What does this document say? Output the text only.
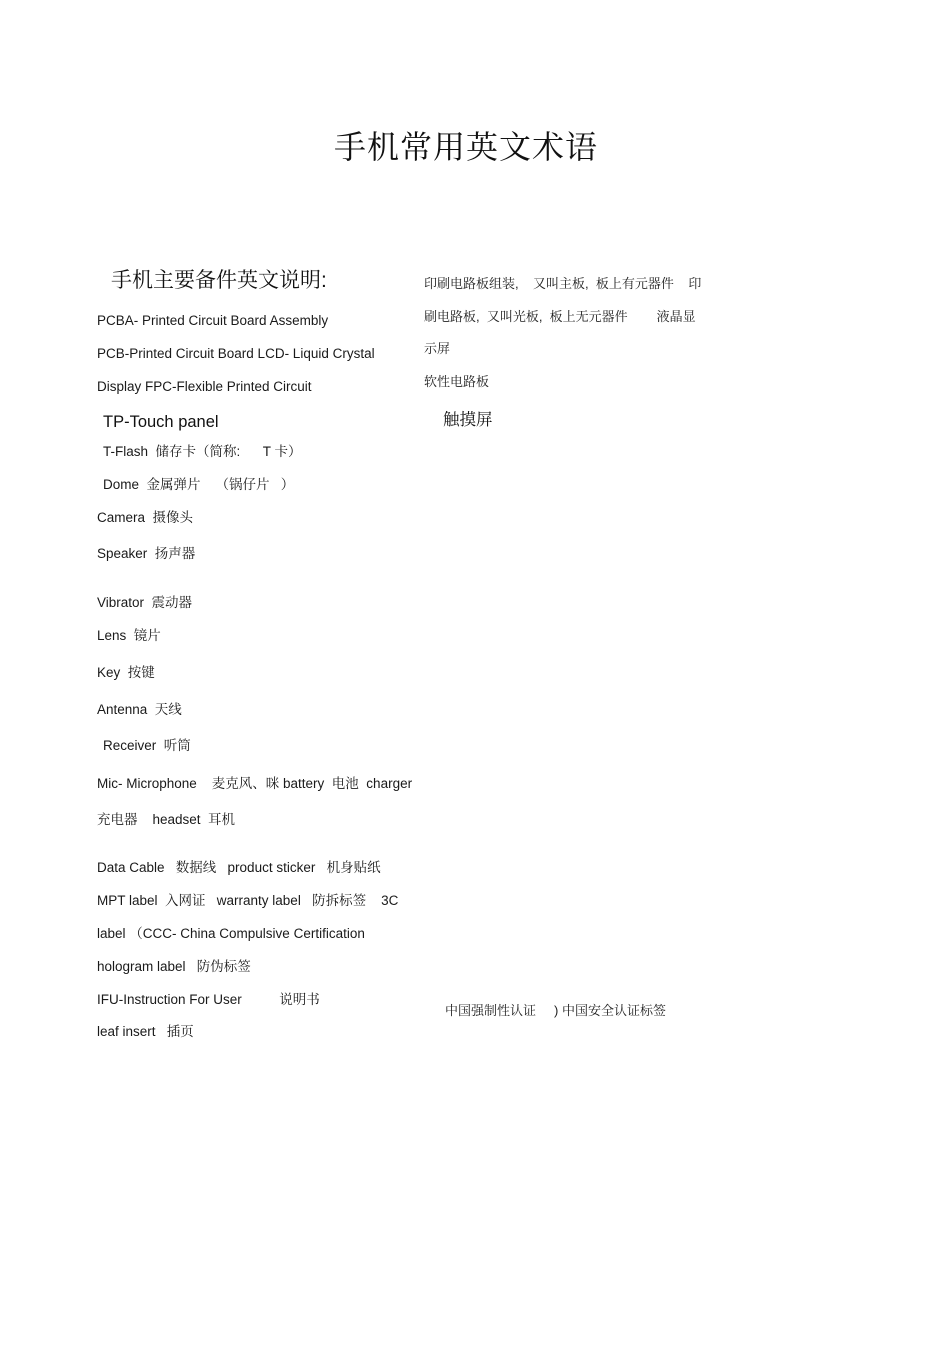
手机常用英文术语
手机主要备件英文说明:
PCBA- Printed Circuit Board Assembly
PCB-Printed Circuit Board LCD- Liquid Crystal
Display FPC-Flexible Printed Circuit
TP-Touch panel
T-Flash  储存卡（简称:      T 卡）
Dome  金属弹片    （锅仔片   ）
Camera  摄像头
Speaker  扬声器
Vibrator  震动器
Lens  镜片
Key  按键
Antenna  天线
Receiver  听筒
Mic- Microphone    麦克风、咪 battery  电池  charger
充电器    headset  耳机
Data Cable   数据线   product sticker   机身贴纸
MPT label  入网证   warranty label   防拆标签    3C
label （CCC- China Compulsive Certification
hologram label   防伪标签
IFU-Instruction For User          说明书
leaf insert   插页
印刷电路板组装,    又叫主板,  板上有元器件    印
刷电路板,  又叫光板,  板上无元器件        液晶显
示屏
软性电路板
触摸屏
中国强制性认证     ) 中国安全认证标签
